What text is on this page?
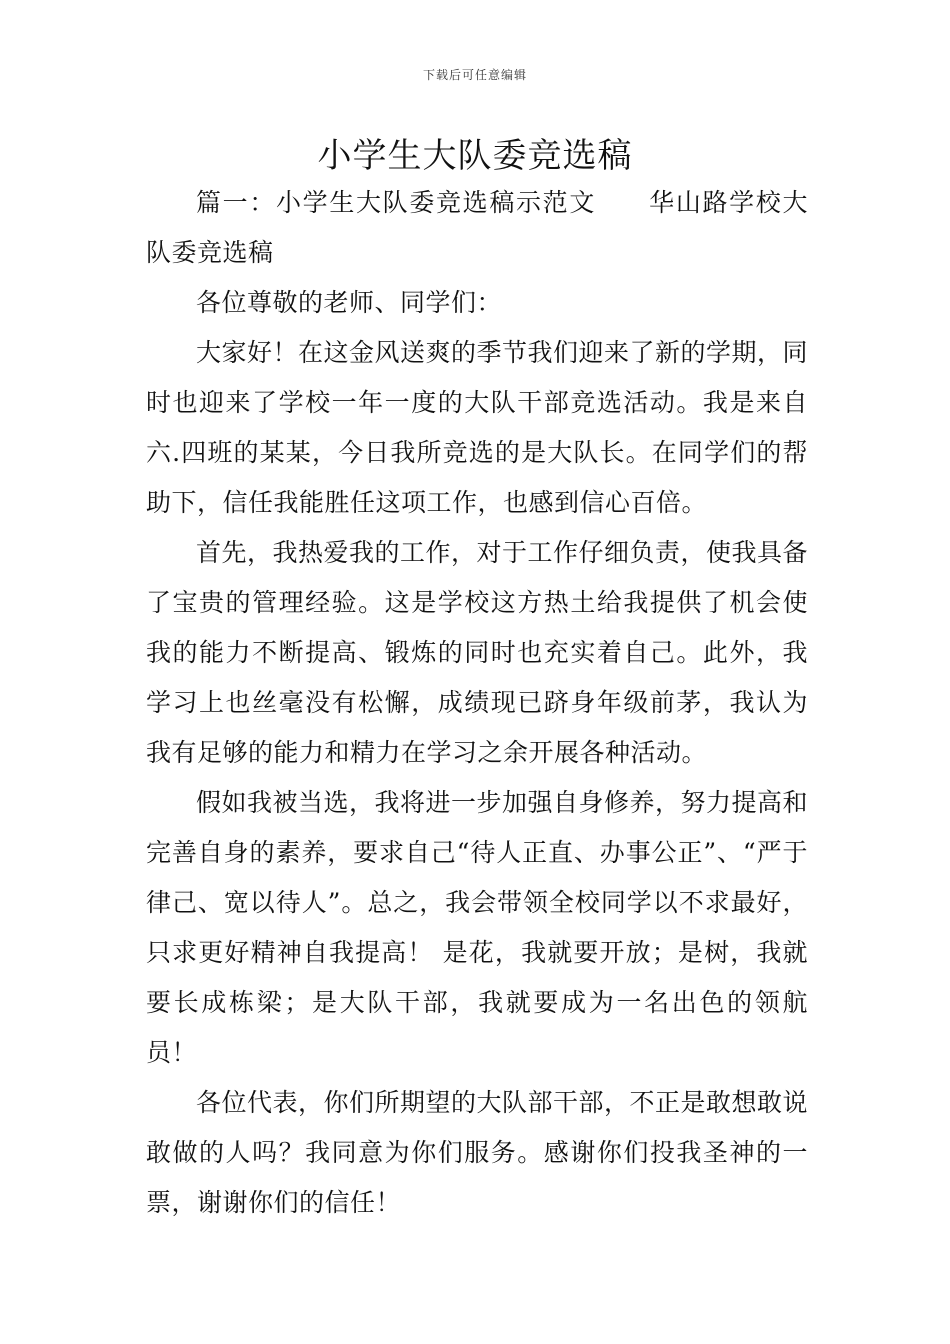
下载后可任意编辑
小学生大队委竞选稿

篇一：小学生大队委竞选稿示范文 华山路学校大队委竞选稿

各位尊敬的老师、同学们：

大家好！在这金风送爽的季节我们迎来了新的学期，同时也迎来了学校一年一度的大队干部竞选活动。我是来自六.四班的某某，今日我所竞选的是大队长。在同学们的帮助下，信任我能胜任这项工作，也感到信心百倍。

首先，我热爱我的工作，对于工作仔细负责，使我具备了宝贵的管理经验。这是学校这方热土给我提供了机会使我的能力不断提高、锻炼的同时也充实着自己。此外，我学习上也丝毫没有松懈，成绩现已跻身年级前茅，我认为我有足够的能力和精力在学习之余开展各种活动。

假如我被当选，我将进一步加强自身修养，努力提高和完善自身的素养，要求自己“待人正直、办事公正”、“严于律己、宽以待人”。总之，我会带领全校同学以不求最好，只求更好精神自我提高！ 是花，我就要开放；是树，我就要长成栋梁；是大队干部，我就要成为一名出色的领航员！

各位代表，你们所期望的大队部干部，不正是敢想敢说敢做的人吗？我同意为你们服务。感谢你们投我圣神的一票，谢谢你们的信任！
